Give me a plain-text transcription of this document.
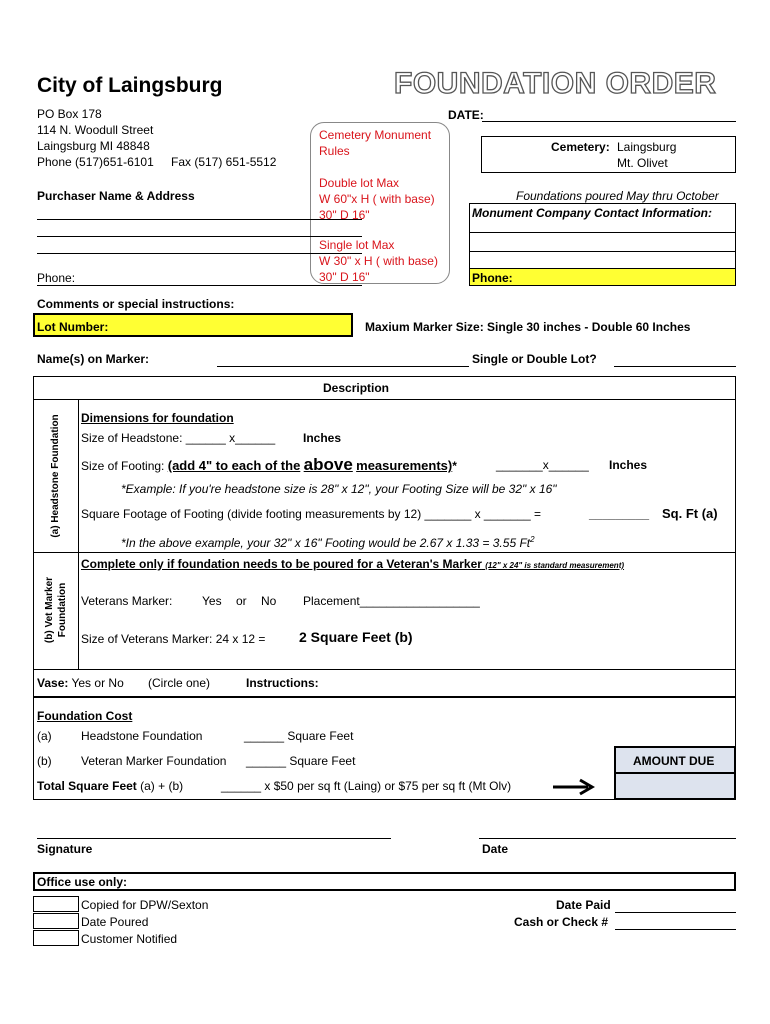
City of Laingsburg	FOUNDATION ORDER
PO Box 178
114 N. Woodull Street
Laingsburg MI 48848
Phone (517)651-6101 Fax (517) 651-5512
DATE:
Cemetery Monument
Rules
Double lot Max
W 60"x H ( with base)
30" D 16"
Single lot Max
W 30" x H ( with base)
30" D 16"
Cemetery: Laingsburg
Mt. Olivet
Purchaser Name & Address
Phone:
Foundations poured May thru October
Monument Company Contact Information:
Phone:
Comments or special instructions:
Lot Number:	Maxium Marker Size: Single 30 inches - Double 60 Inches
Name(s) on Marker:	Single or Double Lot?
Description
(a) Headstone Foundation
(b) Vet Marker Foundation
Dimensions for foundation
Size of Headstone: ______ x______ Inches
Size of Footing: (add 4" to each of the above measurements)*	_______x______ Inches
*Example: If you're headstone size is 28" x 12", your Footing Size will be 32" x 16"
Square Footage of Footing (divide footing measurements by 12) _______ x _______ =	_________ Sq. Ft (a)
*In the above example, your 32" x 16" Footing would be 2.67 x 1.33 = 3.55 Ft$^2$
Complete only if foundation needs to be poured for a Veteran's Marker (12" x 24" is standard measurement)
Veterans Marker: Yes or No Placement__________________
Size of Veterans Marker: 24 x 12 = 2 Square Feet (b)
Vase: Yes or No (Circle one)	Instructions:
Foundation Cost
(a) Headstone Foundation	______ Square Feet
(b) Veteran Marker Foundation ______ Square Feet	AMOUNT DUE
Total Square Feet (a) + (b)	______ x $50 per sq ft (Laing) or $75 per sq ft (Mt Olv)
Signature	Date
Office use only:
Copied for DPW/Sexton
Date Poured
Customer Notified
Date Paid
Cash or Check #
